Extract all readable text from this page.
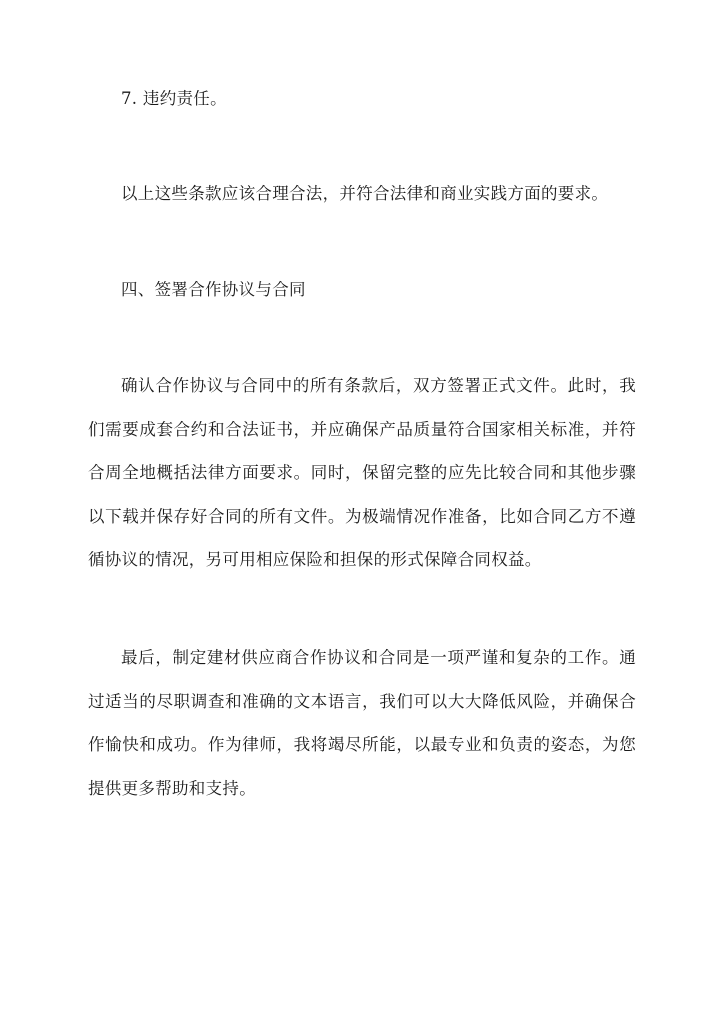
7. 违约责任。

以上这些条款应该合理合法，并符合法律和商业实践方面的要求。

四、签署合作协议与合同

确认合作协议与合同中的所有条款后，双方签署正式文件。此时，我们需要成套合约和合法证书，并应确保产品质量符合国家相关标准，并符合周全地概括法律方面要求。同时，保留完整的应先比较合同和其他步骤以下载并保存好合同的所有文件。为极端情况作准备，比如合同乙方不遵循协议的情况，另可用相应保险和担保的形式保障合同权益。

最后，制定建材供应商合作协议和合同是一项严谨和复杂的工作。通过适当的尽职调查和准确的文本语言，我们可以大大降低风险，并确保合作愉快和成功。作为律师，我将竭尽所能，以最专业和负责的姿态，为您提供更多帮助和支持。
